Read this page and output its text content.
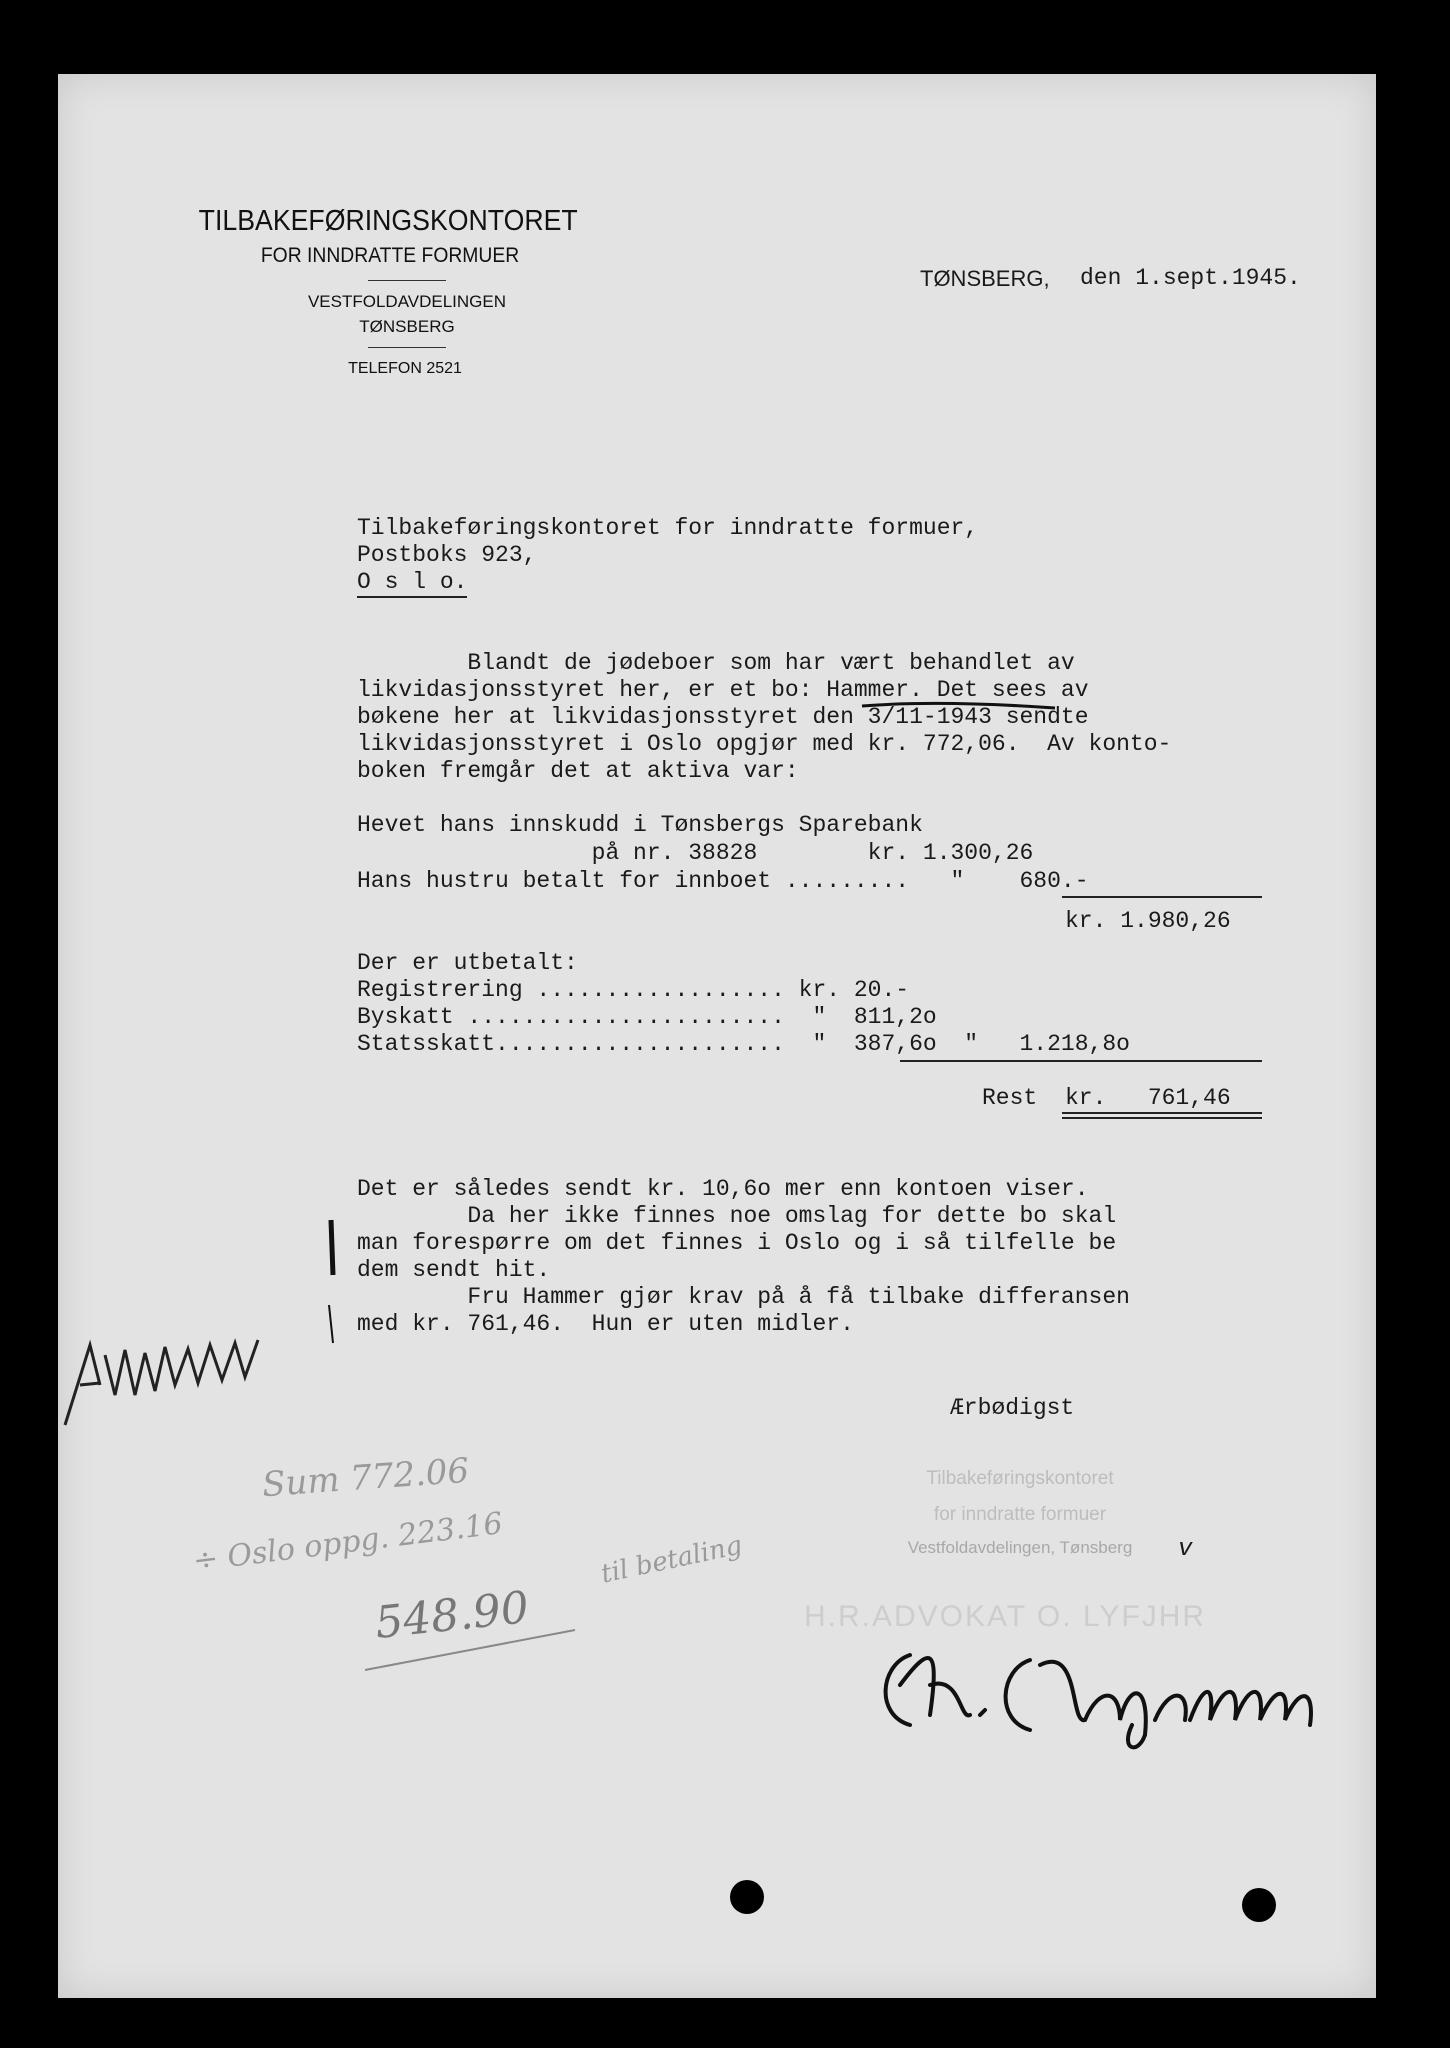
TILBAKEFØRINGSKONTORET
FOR INNDRATTE FORMUER
VESTFOLDAVDELINGEN
TØNSBERG
TELEFON 2521
TØNSBERG, den 1.sept.1945.
Tilbakeføringskontoret for inndratte formuer,
Postboks 923,
O s l o.
Blandt de jødeboer som har vært behandlet av
likvidasjonsstyret her, er et bo: Hammer. Det sees av
bøkene her at likvidasjonsstyret den 3/11-1943 sendte
likvidasjonsstyret i Oslo opgjør med kr. 772,06.  Av konto-
boken fremgår det at aktiva var:
Hevet hans innskudd i Tønsbergs Sparebank
på nr. 38828        kr. 1.300,26
Hans hustru betalt for innboet .........   "    680.-
kr. 1.980,26
Der er utbetalt:
Registrering .................. kr. 20.-
Byskatt .......................  "  811,2o
Statsskatt.....................  "  387,6o  "   1.218,8o
Rest kr.   761,46
Det er således sendt kr. 10,6o mer enn kontoen viser.
Da her ikke finnes noe omslag for dette bo skal
man forespørre om det finnes i Oslo og i så tilfelle be
dem sendt hit.
Fru Hammer gjør krav på å få tilbake differansen
med kr. 761,46.  Hun er uten midler.
Ærbødigst
Tilbakeføringskontoret
for inndratte formuer
Vestfoldavdelingen, Tønsberg
H.R.ADVOKAT O. LYFJHR
v
Sum 772.06
÷ Oslo oppg. 223.16
548.90
til betaling
